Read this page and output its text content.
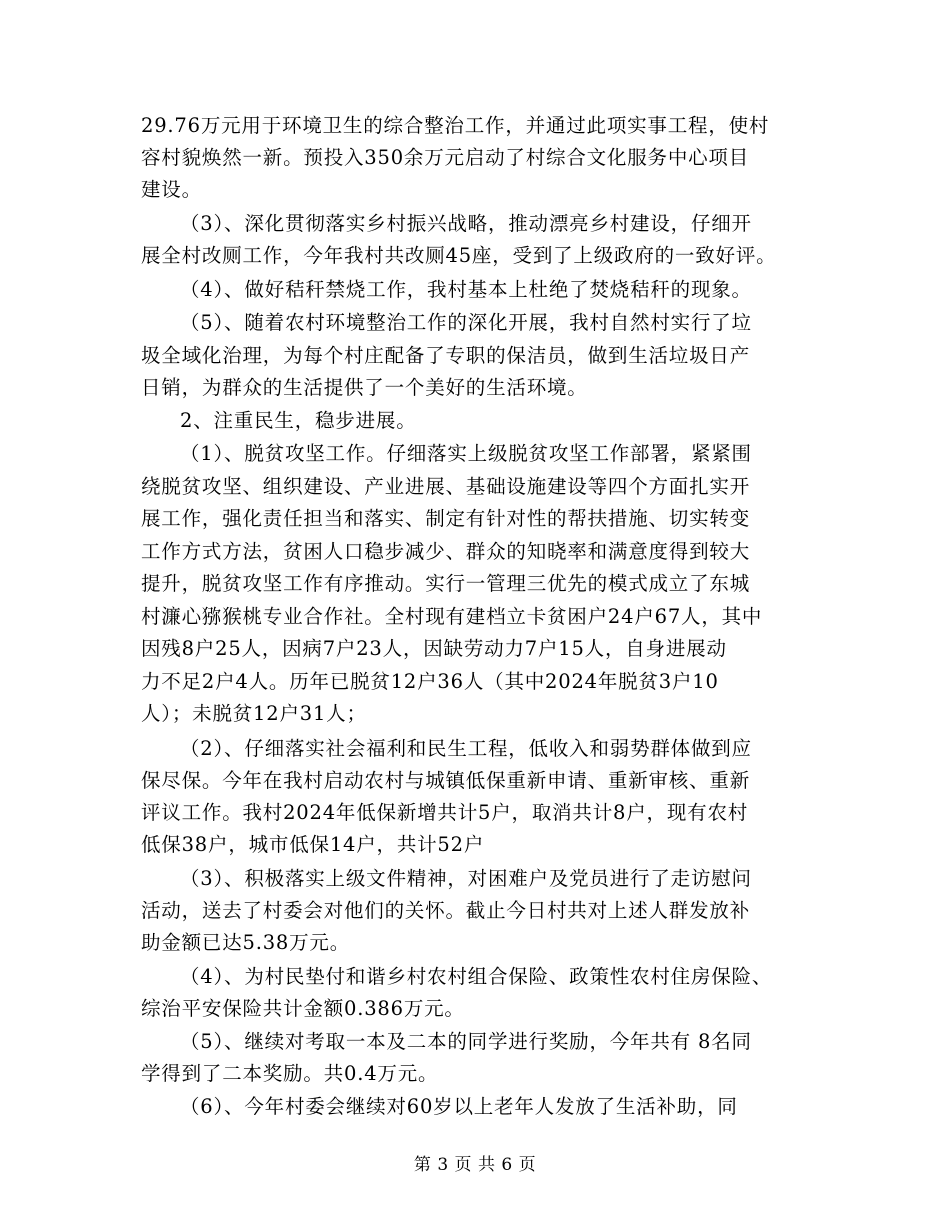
29.76万元用于环境卫生的综合整治工作，并通过此项实事工程，使村
容村貌焕然一新。预投入350余万元启动了村综合文化服务中心项目
建设。
（3）、深化贯彻落实乡村振兴战略，推动漂亮乡村建设，仔细开
展全村改厕工作，今年我村共改厕45座，受到了上级政府的一致好评。
（4）、做好秸秆禁烧工作，我村基本上杜绝了焚烧秸秆的现象。
（5）、随着农村环境整治工作的深化开展，我村自然村实行了垃
圾全域化治理，为每个村庄配备了专职的保洁员，做到生活垃圾日产
日销，为群众的生活提供了一个美好的生活环境。
2、注重民生，稳步进展。
（1）、脱贫攻坚工作。仔细落实上级脱贫攻坚工作部署，紧紧围
绕脱贫攻坚、组织建设、产业进展、基础设施建设等四个方面扎实开
展工作，强化责任担当和落实、制定有针对性的帮扶措施、切实转变
工作方式方法，贫困人口稳步减少、群众的知晓率和满意度得到较大
提升，脱贫攻坚工作有序推动。实行一管理三优先的模式成立了东城
村濂心猕猴桃专业合作社。全村现有建档立卡贫困户24户67人，其中
因残8户25人，因病7户23人，因缺劳动力7户15人，自身进展动
力不足2户4人。历年已脱贫12户36人（其中2024年脱贫3户10
人）；未脱贫12户31人；
（2）、仔细落实社会福利和民生工程，低收入和弱势群体做到应
保尽保。今年在我村启动农村与城镇低保重新申请、重新审核、重新
评议工作。我村2024年低保新增共计5户，取消共计8户，现有农村
低保38户，城市低保14户，共计52户
（3）、积极落实上级文件精神，对困难户及党员进行了走访慰问
活动，送去了村委会对他们的关怀。截止今日村共对上述人群发放补
助金额已达5.38万元。
（4）、为村民垫付和谐乡村农村组合保险、政策性农村住房保险、
综治平安保险共计金额0.386万元。
（5）、继续对考取一本及二本的同学进行奖励，今年共有 8名同
学得到了二本奖励。共0.4万元。
（6）、今年村委会继续对60岁以上老年人发放了生活补助，同
第 3 页 共 6 页
